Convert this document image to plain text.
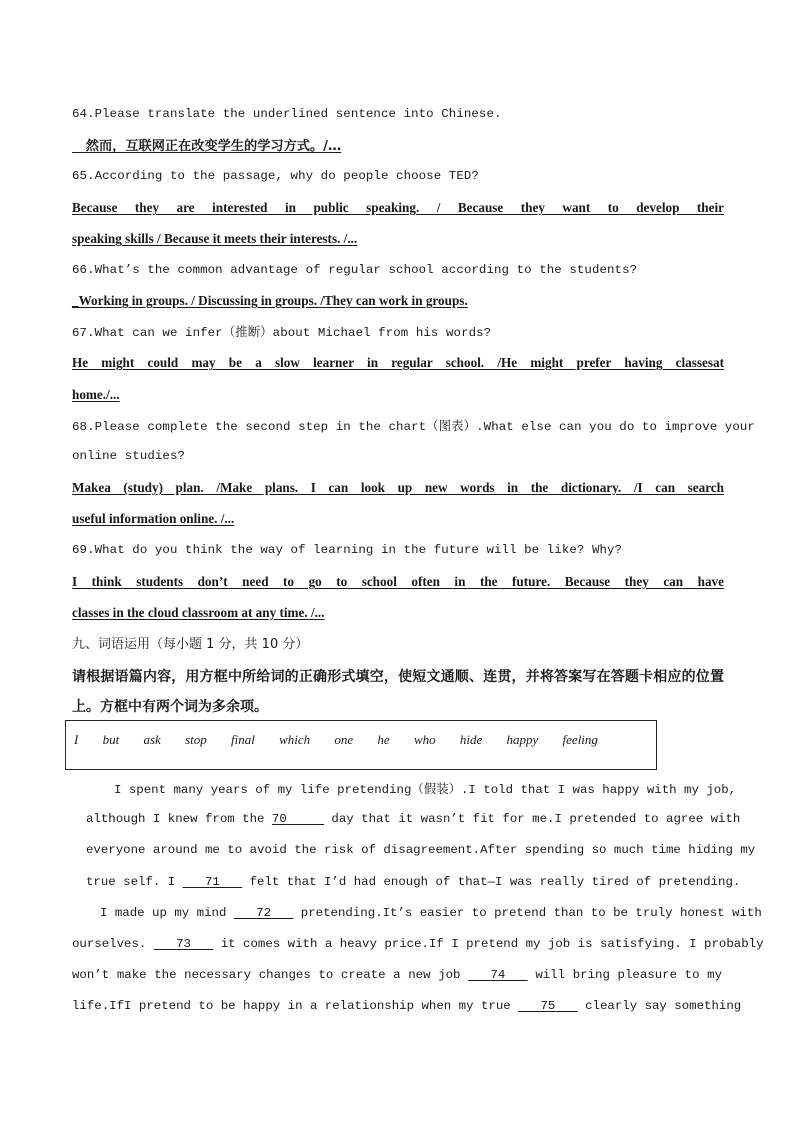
64.Please translate the underlined sentence into Chinese.
然而，互联网正在改变学生的学习方式。/…
65.According to the passage, why do people choose TED?
Because they are interested in public speaking. / Because they want to develop their
speaking skills / Because it meets their interests. /...
66.What’s the common advantage of regular school according to the students?
_Working in groups. / Discussing in groups. /They can work in groups.
67.What can we infer（推断）about Michael from his words?
He might could may be a slow learner in regular school. /He might prefer having classesat
home./...
68.Please complete the second step in the chart（图表）.What else can you do to improve your
online studies?
Makea (study) plan. /Make plans. I can look up new words in the dictionary. /I can search
useful information online. /...
69.What do you think the way of learning in the future will be like? Why?
I think students don’t need to go to school often in the future. Because they can have
classes in the cloud classroom at any time. /...
九、词语运用（每小题 1 分，共 10 分）
请根据语篇内容，用方框中所给词的正确形式填空，使短文通顺、连贯，并将答案写在答题卡相应的位置
上。方框中有两个词为多余项。
I but ask stop final which one he who hide happy feeling
I spent many years of my life pretending（假装）.I told that I was happy with my job,
although I knew from the 70	day that it wasn’t fit for me.I pretended to agree with
everyone around me to avoid the risk of disagreement.After spending so much time hiding my
true self. I 71 felt that I’d had enough of that—I was really tired of pretending.
I made up my mind 72 pretending.It’s easier to pretend than to be truly honest with
ourselves. 73 it comes with a heavy price.If I pretend my job is satisfying. I probably
won’t make the necessary changes to create a new job 74 will bring pleasure to my
life.IfI pretend to be happy in a relationship when my true 75 clearly say something
